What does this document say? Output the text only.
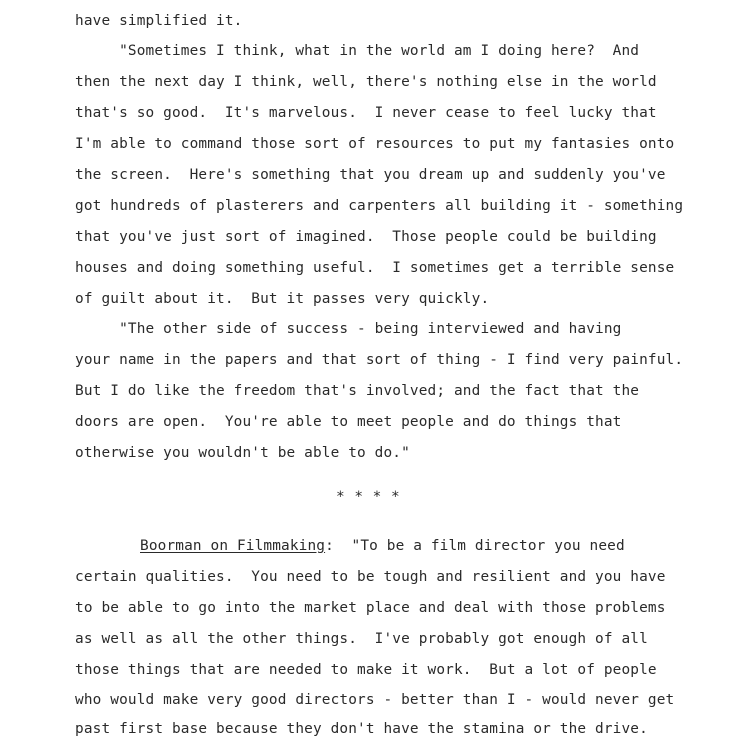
have simplified it.
"Sometimes I think, what in the world am I doing here?  And
then the next day I think, well, there's nothing else in the world
that's so good.  It's marvelous.  I never cease to feel lucky that
I'm able to command those sort of resources to put my fantasies onto
the screen.  Here's something that you dream up and suddenly you've
got hundreds of plasterers and carpenters all building it - something
that you've just sort of imagined.  Those people could be building
houses and doing something useful.  I sometimes get a terrible sense
of guilt about it.  But it passes very quickly.
"The other side of success - being interviewed and having
your name in the papers and that sort of thing - I find very painful.
But I do like the freedom that's involved; and the fact that the
doors are open.  You're able to meet people and do things that
otherwise you wouldn't be able to do."
* * * *
Boorman on Filmmaking:  "To be a film director you need
certain qualities.  You need to be tough and resilient and you have
to be able to go into the market place and deal with those problems
as well as all the other things.  I've probably got enough of all
those things that are needed to make it work.  But a lot of people
who would make very good directors - better than I - would never get
past first base because they don't have the stamina or the drive.
